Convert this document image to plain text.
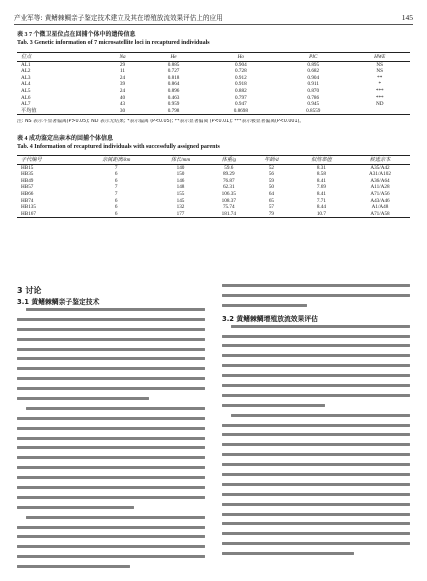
产业军等: 黄鳍棘鲷亲子鉴定技术建立及其在增殖放流效果评估上的应用	145
表 3 7 个微卫星位点在回捕个体中的遗传信息
Tab. 3 Genetic information of 7 microsatellite loci in recaptured individuals
位点	Na	He	Ho	PIC	HWE
AL1	29	0.885	0.904	0.895	NS
AL2	11	0.727	0.728	0.682	NS
AL3	24	0.818	0.912	0.904	**
AL4	39	0.864	0.918	0.911	*
AL5	24	0.896	0.882	0.870	***
AL6	40	0.463	0.797	0.786	***
AL7	43	0.959	0.947	0.945	ND
平均值	30	0.798	0.8698	0.8559	
注: NS 表示不显著偏离(P>0.05); ND 表示无结果; *表示偏离 (P<0.05); **表示显著偏离 (P<0.01); ***表示极显著偏离(P<0.001)。
表 4 成功鉴定出亲本的回捕个体信息
Tab. 4 Information of recaptured individuals with successfully assigned parents
子代编号	亲属距离/km	体长/mm	体重/g	年龄/d	似然率值	候选亲本
HB15	7	140	59.6	52	8.31	A35/A42
HB35	6	150	89.29	56	8.58	A31/A102
HB49	6	146	76.87	59	8.41	A36/A64
HB57	7	148	62.31	50	7.69	A11/A28
HB66	7	155	106.35	64	8.41	A71/A56
HB74	6	145	108.37	65	7.71	A43/A46
HB135	6	132	75.74	57	8.44	A1/A48
HB167	6	177	181.74	79	10.7	A71/A58
3 讨论
3.1 黄鳍棘鲷亲子鉴定技术
3.2 黄鳍棘鲷增殖放流效果评估
